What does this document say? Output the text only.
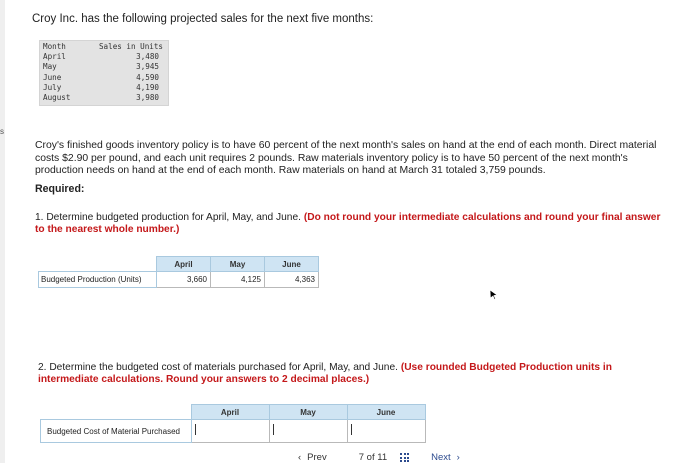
s
Croy Inc. has the following projected sales for the next five months:
Month	Sales in Units
April	3,480
May	3,945
June	4,590
July	4,190
August	3,980
Croy's finished goods inventory policy is to have 60 percent of the next month's sales on hand at the end of each month. Direct material costs $2.90 per pound, and each unit requires 2 pounds. Raw materials inventory policy is to have 50 percent of the next month's production needs on hand at the end of each month. Raw materials on hand at March 31 totaled 3,759 pounds.
Required:
1. Determine budgeted production for April, May, and June. (Do not round your intermediate calculations and round your final answer to the nearest whole number.)
	April	May	June
Budgeted Production (Units)	3,660	4,125	4,363
2. Determine the budgeted cost of materials purchased for April, May, and June. (Use rounded Budgeted Production units in intermediate calculations. Round your answers to 2 decimal places.)
	April	May	June
Budgeted Cost of Material Purchased	

‹ Prev	7 of 11	Next ›
